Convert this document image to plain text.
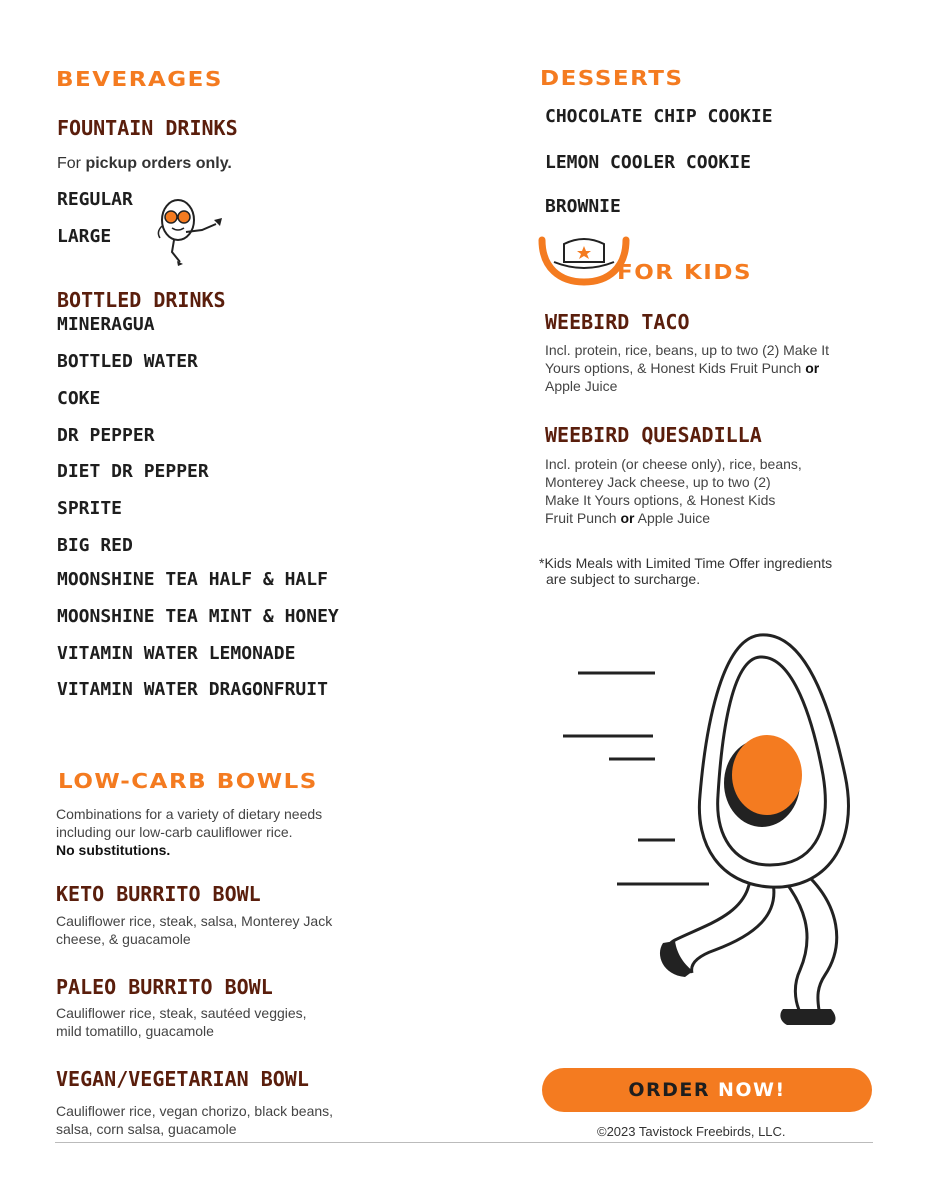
BEVERAGES
FOUNTAIN DRINKS
For pickup orders only.
REGULAR
LARGE
BOTTLED DRINKS
MINERAGUA
BOTTLED WATER
COKE
DR PEPPER
DIET DR PEPPER
SPRITE
BIG RED
MOONSHINE TEA HALF & HALF
MOONSHINE TEA MINT & HONEY
VITAMIN WATER LEMONADE
VITAMIN WATER DRAGONFRUIT
LOW-CARB BOWLS
Combinations for a variety of dietary needs
including our low-carb cauliflower rice.
No substitutions.
KETO BURRITO BOWL
Cauliflower rice, steak, salsa, Monterey Jack
cheese, & guacamole
PALEO BURRITO BOWL
Cauliflower rice, steak, sautéed veggies,
mild tomatillo, guacamole
VEGAN/VEGETARIAN BOWL
Cauliflower rice, vegan chorizo, black beans,
salsa, corn salsa, guacamole
DESSERTS
CHOCOLATE CHIP COOKIE
LEMON COOLER COOKIE
BROWNIE
FOR KIDS
WEEBIRD TACO
Incl. protein, rice, beans, up to two (2) Make It
Yours options, & Honest Kids Fruit Punch or
Apple Juice
WEEBIRD QUESADILLA
Incl. protein (or cheese only), rice, beans,
Monterey Jack cheese, up to two (2)
Make It Yours options, & Honest Kids
Fruit Punch or Apple Juice
*Kids Meals with Limited Time Offer ingredients
are subject to surcharge.
ORDER NOW!
©2023 Tavistock Freebirds, LLC.
